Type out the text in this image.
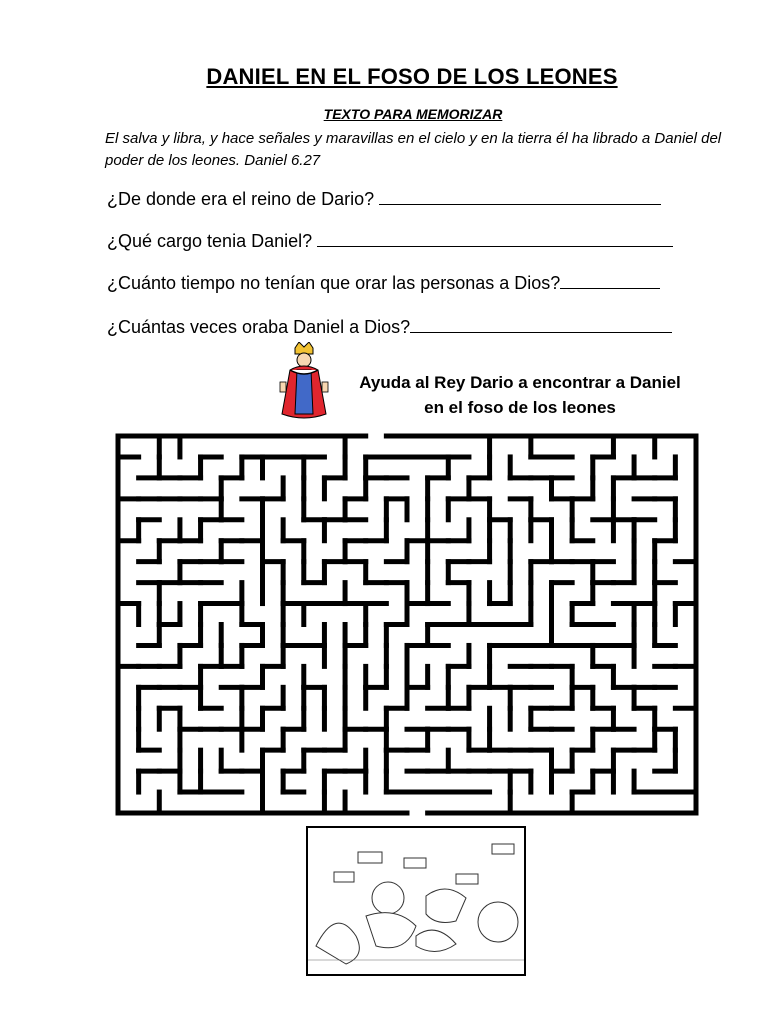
DANIEL EN EL FOSO DE LOS LEONES
TEXTO PARA MEMORIZAR
El salva y libra, y hace señales y maravillas en el cielo y en la tierra él ha librado a Daniel del poder de los leones. Daniel 6.27
¿De donde era el reino de Dario?
¿Qué cargo tenia Daniel?
¿Cuánto tiempo no tenían que orar las personas a Dios?
¿Cuántas veces oraba Daniel a Dios?
Ayuda al Rey Dario a encontrar a Daniel
en el foso de los leones
